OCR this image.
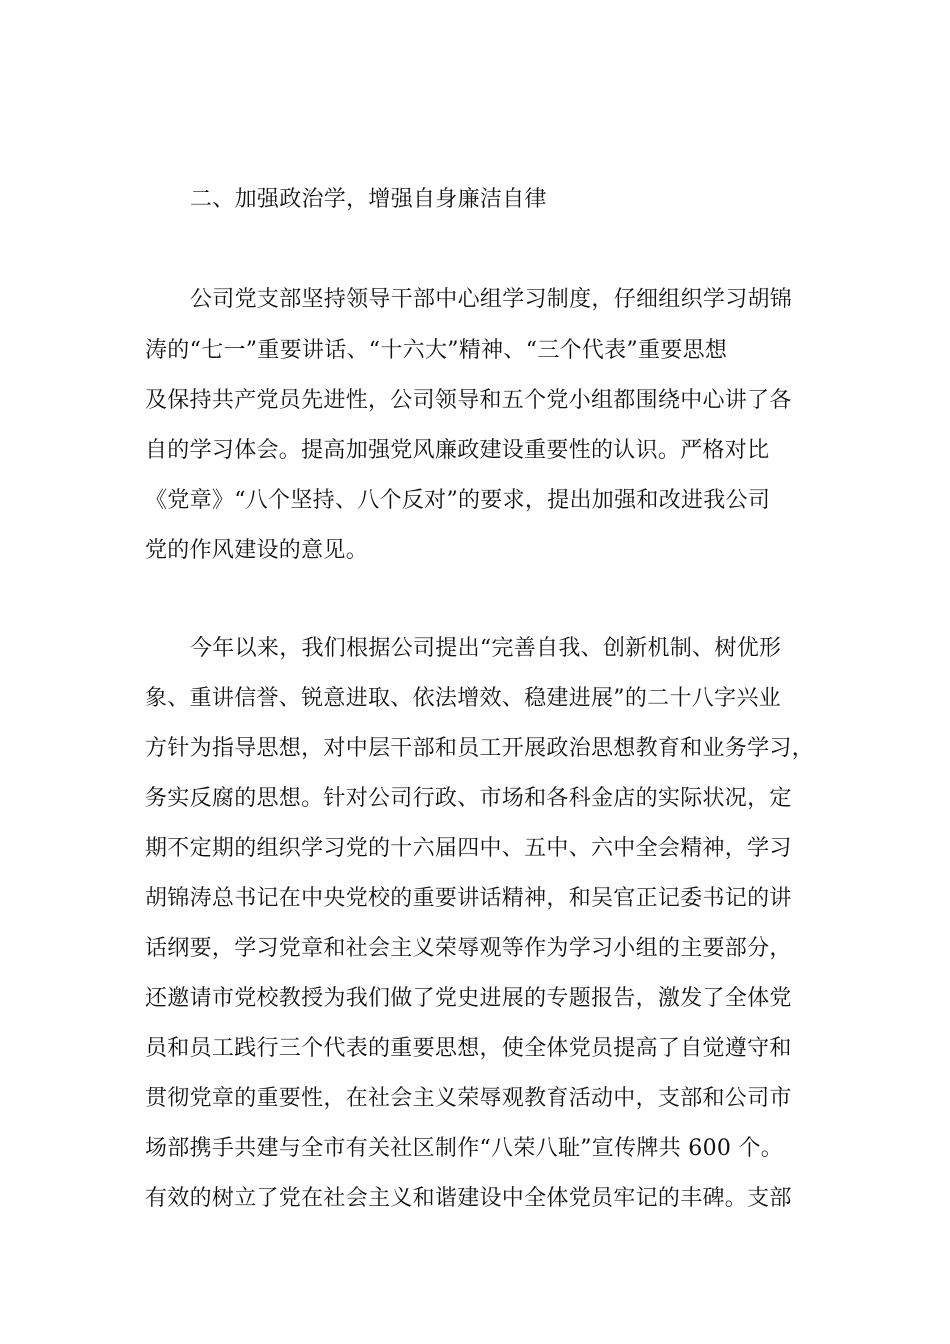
二、加强政治学，增强自身廉洁自律
公司党支部坚持领导干部中心组学习制度，仔细组织学习胡锦
涛的“七一”重要讲话、“十六大”精神、“三个代表”重要思想
及保持共产党员先进性，公司领导和五个党小组都围绕中心讲了各
自的学习体会。提高加强党风廉政建设重要性的认识。严格对比
《党章》“八个坚持、八个反对”的要求，提出加强和改进我公司
党的作风建设的意见。
今年以来，我们根据公司提出“完善自我、创新机制、树优形
象、重讲信誉、锐意进取、依法增效、稳建进展”的二十八字兴业
方针为指导思想，对中层干部和员工开展政治思想教育和业务学习，
务实反腐的思想。针对公司行政、市场和各科金店的实际状况，定
期不定期的组织学习党的十六届四中、五中、六中全会精神，学习
胡锦涛总书记在中央党校的重要讲话精神，和吴官正记委书记的讲
话纲要，学习党章和社会主义荣辱观等作为学习小组的主要部分，
还邀请市党校教授为我们做了党史进展的专题报告，激发了全体党
员和员工践行三个代表的重要思想，使全体党员提高了自觉遵守和
贯彻党章的重要性，在社会主义荣辱观教育活动中，支部和公司市
场部携手共建与全市有关社区制作“八荣八耻”宣传牌共 600 个。
有效的树立了党在社会主义和谐建设中全体党员牢记的丰碑。支部
